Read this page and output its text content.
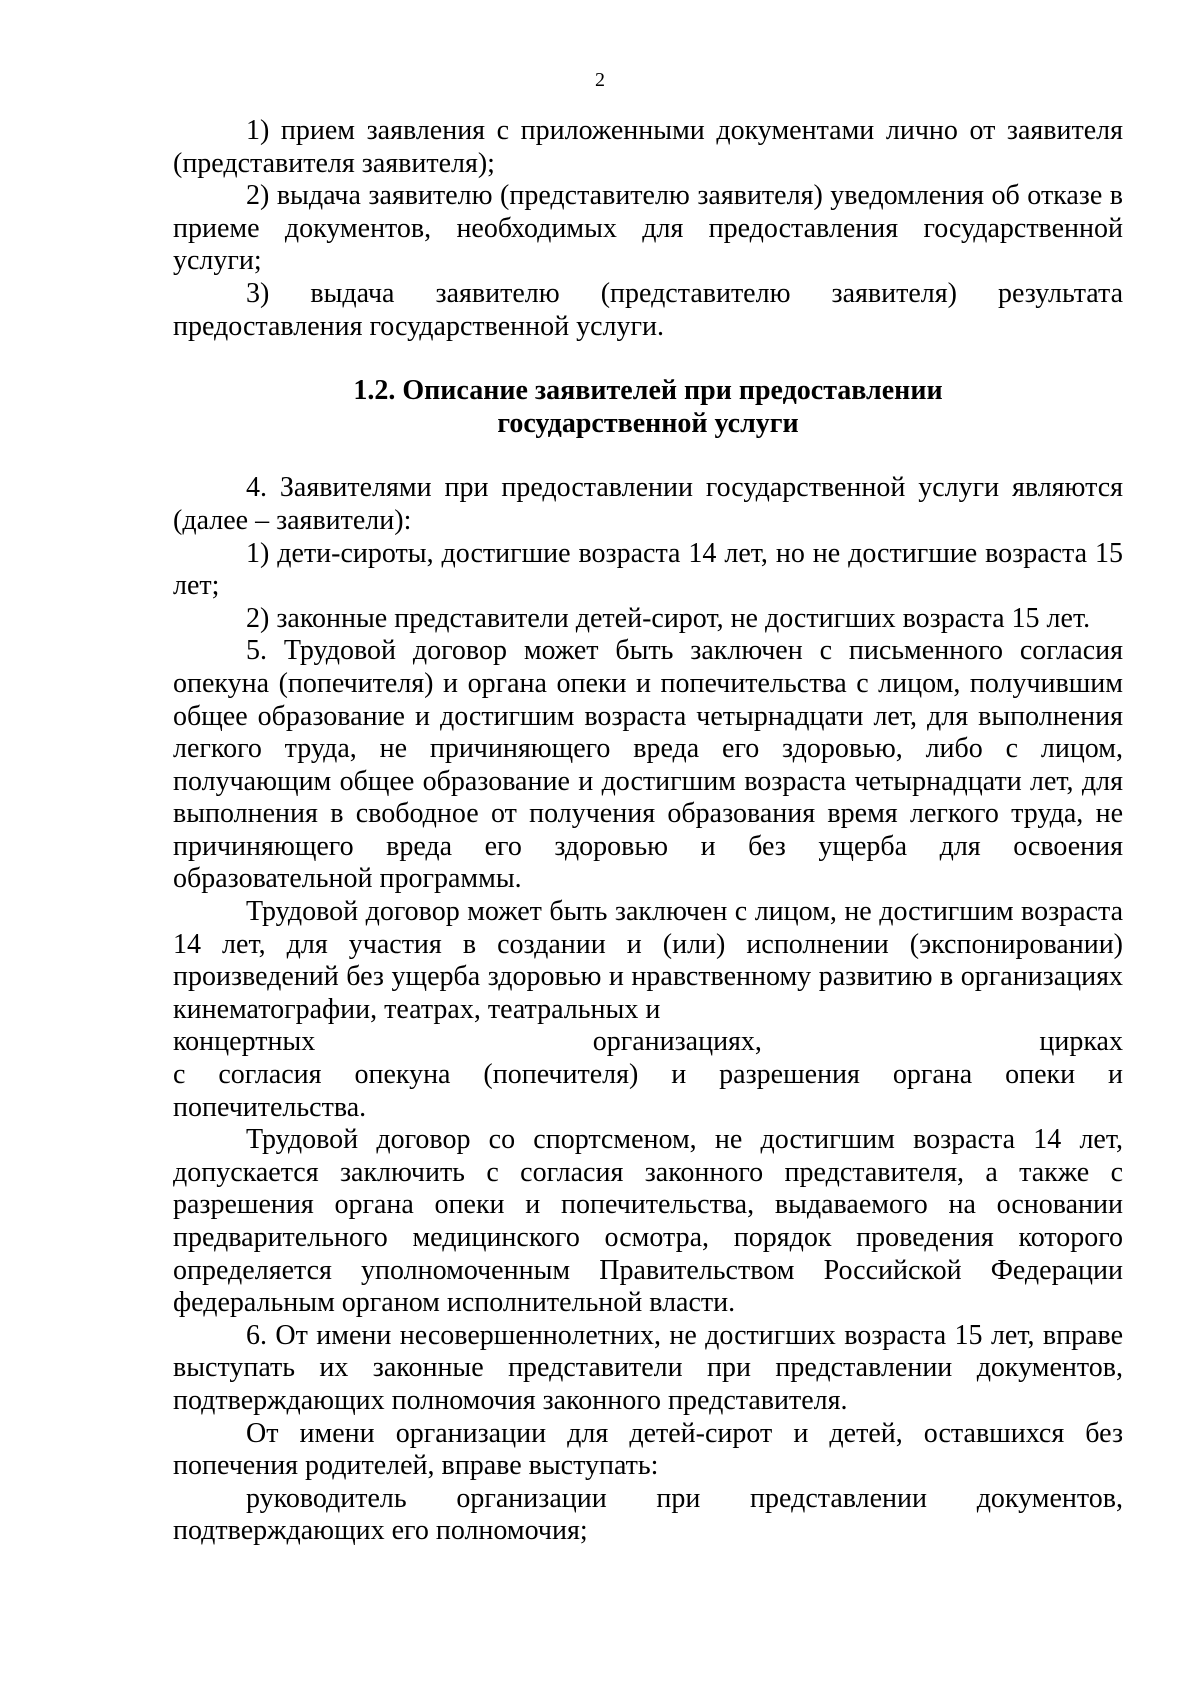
2

1) прием заявления с приложенными документами лично от заявителя (представителя заявителя);

2) выдача заявителю (представителю заявителя) уведомления об отказе в приеме документов, необходимых для предоставления государственной услуги;

3) выдача заявителю (представителю заявителя) результата предоставления государственной услуги.

1.2. Описание заявителей при предоставлении
государственной услуги

4. Заявителями при предоставлении государственной услуги являются (далее – заявители):

1) дети-сироты, достигшие возраста 14 лет, но не достигшие возраста 15 лет;

2) законные представители детей-сирот, не достигших возраста 15 лет.

5. Трудовой договор может быть заключен с письменного согласия опекуна (попечителя) и органа опеки и попечительства с лицом, получившим общее образование и достигшим возраста четырнадцати лет, для выполнения легкого труда, не причиняющего вреда его здоровью, либо с лицом, получающим общее образование и достигшим возраста четырнадцати лет, для выполнения в свободное от получения образования время легкого труда, не причиняющего вреда его здоровью и без ущерба для освоения образовательной программы.

Трудовой договор может быть заключен с лицом, не достигшим возраста 14 лет, для участия в создании и (или) исполнении (экспонировании) произведений без ущерба здоровью и нравственному развитию в организациях кинематографии, театрах, театральных и

концертных организациях, цирках

с согласия опекуна (попечителя) и разрешения органа опеки и

попечительства.

Трудовой договор со спортсменом, не достигшим возраста 14 лет, допускается заключить с согласия законного представителя, а также с разрешения органа опеки и попечительства, выдаваемого на основании предварительного медицинского осмотра, порядок проведения которого определяется уполномоченным Правительством Российской Федерации федеральным органом исполнительной власти.

6. От имени несовершеннолетних, не достигших возраста 15 лет, вправе выступать их законные представители при представлении документов, подтверждающих полномочия законного представителя.

От имени организации для детей-сирот и детей, оставшихся без попечения родителей, вправе выступать:

руководитель организации при представлении документов, подтверждающих его полномочия;
